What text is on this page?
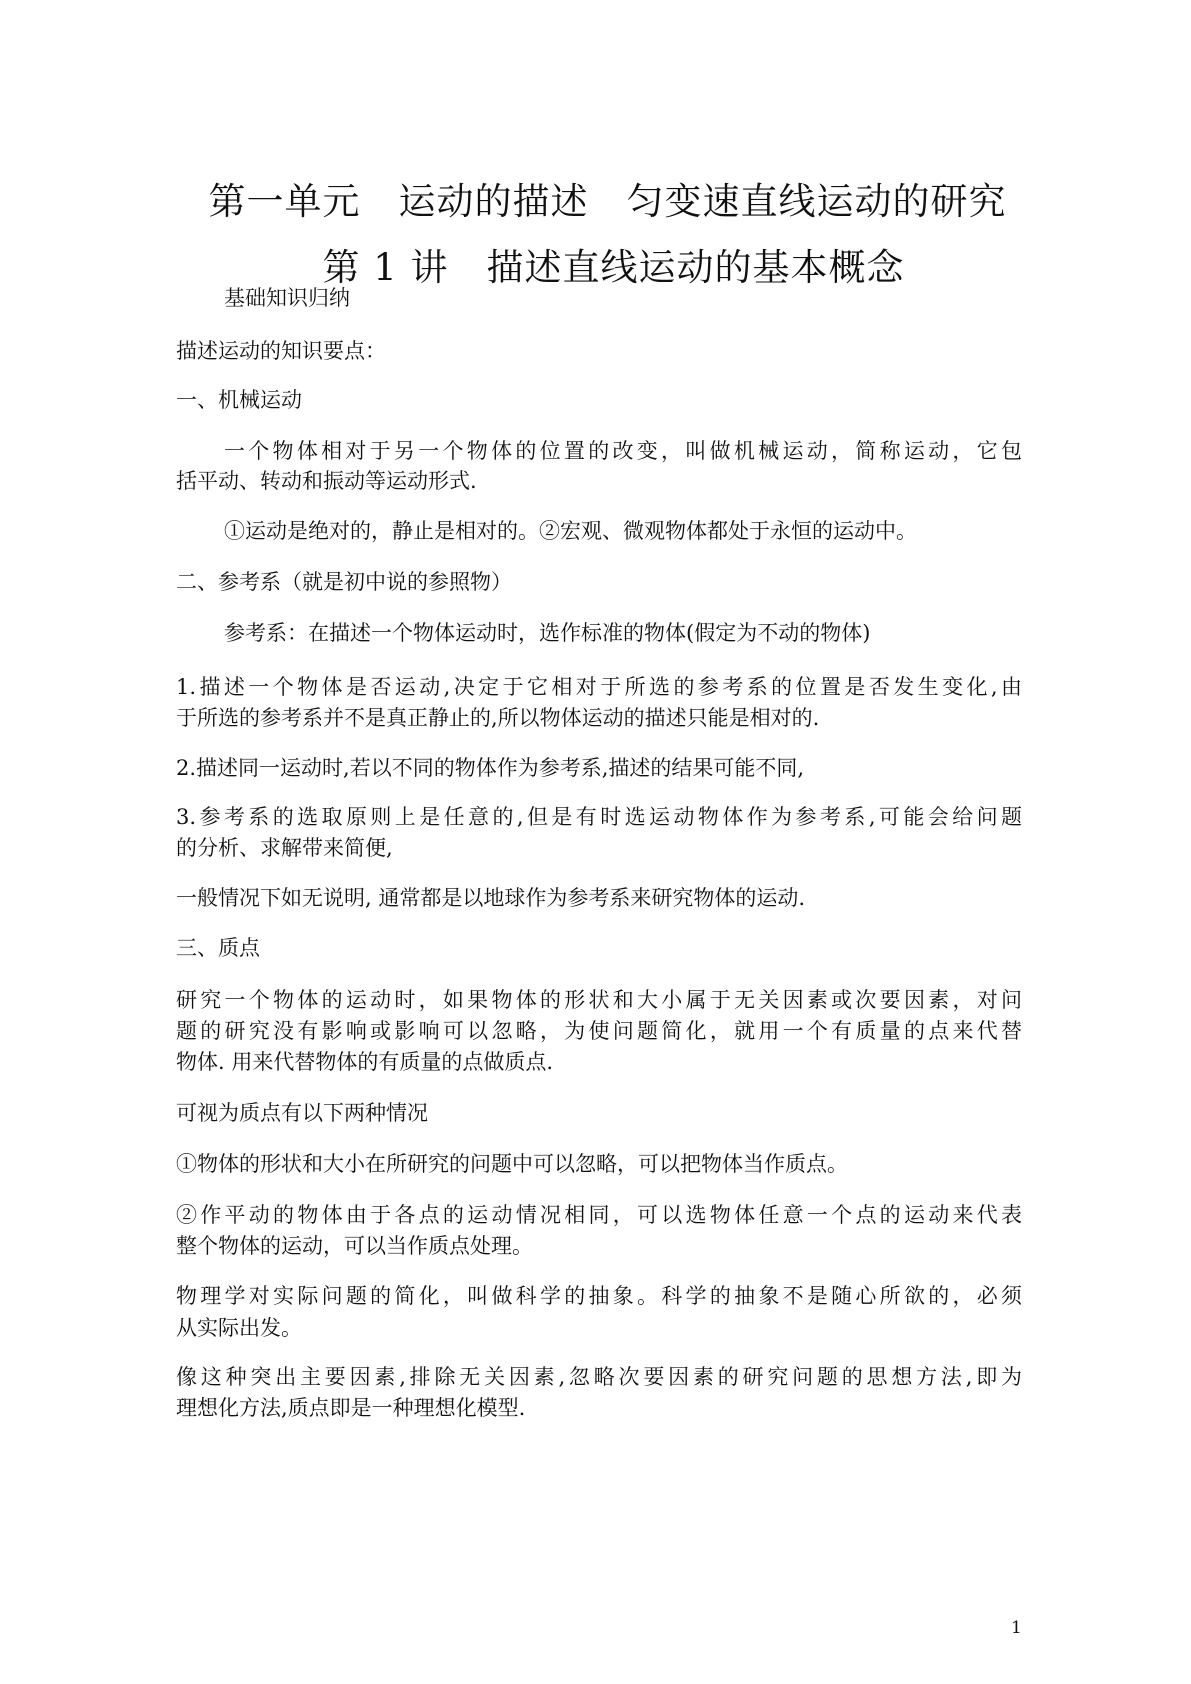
第一单元　运动的描述　匀变速直线运动的研究
第 1 讲　描述直线运动的基本概念
基础知识归纳
描述运动的知识要点：
一、机械运动
一个物体相对于另一个物体的位置的改变，叫做机械运动，简称运动，它包
括平动、转动和振动等运动形式.
①运动是绝对的，静止是相对的。②宏观、微观物体都处于永恒的运动中。
二、参考系（就是初中说的参照物）
参考系：在描述一个物体运动时，选作标准的物体(假定为不动的物体)
1.描述一个物体是否运动,决定于它相对于所选的参考系的位置是否发生变化,由
于所选的参考系并不是真正静止的,所以物体运动的描述只能是相对的.
2.描述同一运动时,若以不同的物体作为参考系,描述的结果可能不同,
3.参考系的选取原则上是任意的,但是有时选运动物体作为参考系,可能会给问题
的分析、求解带来简便,
一般情况下如无说明, 通常都是以地球作为参考系来研究物体的运动.
三、质点
研究一个物体的运动时，如果物体的形状和大小属于无关因素或次要因素，对问
题的研究没有影响或影响可以忽略，为使问题简化，就用一个有质量的点来代替
物体. 用来代替物体的有质量的点做质点.
可视为质点有以下两种情况
①物体的形状和大小在所研究的问题中可以忽略，可以把物体当作质点。
②作平动的物体由于各点的运动情况相同，可以选物体任意一个点的运动来代表
整个物体的运动，可以当作质点处理。
物理学对实际问题的简化，叫做科学的抽象。科学的抽象不是随心所欲的，必须
从实际出发。
像这种突出主要因素,排除无关因素,忽略次要因素的研究问题的思想方法,即为
理想化方法,质点即是一种理想化模型.
1
